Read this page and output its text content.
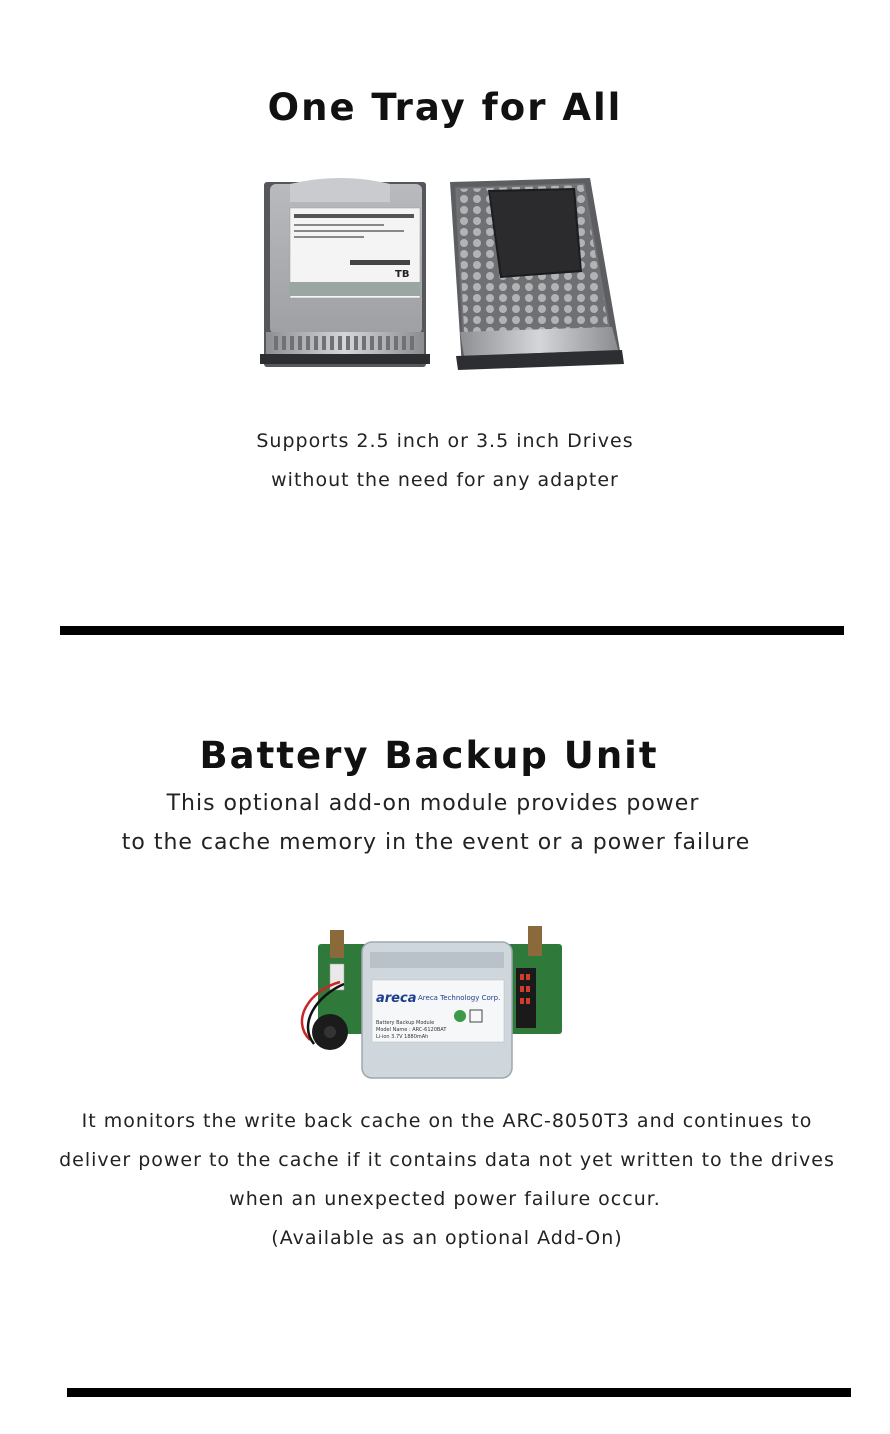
One Tray for All
TB

Supports 2.5 inch or 3.5 inch Drives

without the need for any adapter

Battery Backup Unit

This optional add-on module provides power

to the cache memory in the event or a power failure

areca Areca Technology Corp.
Battery Backup Module
Model Name : ARC-6120BAT
Li-ion 3.7V 1880mAh

It monitors the write back cache on the ARC-8050T3 and continues to

deliver power to the cache if it contains data not yet written to the drives

when an unexpected power failure occur.

(Available as an optional Add-On)
